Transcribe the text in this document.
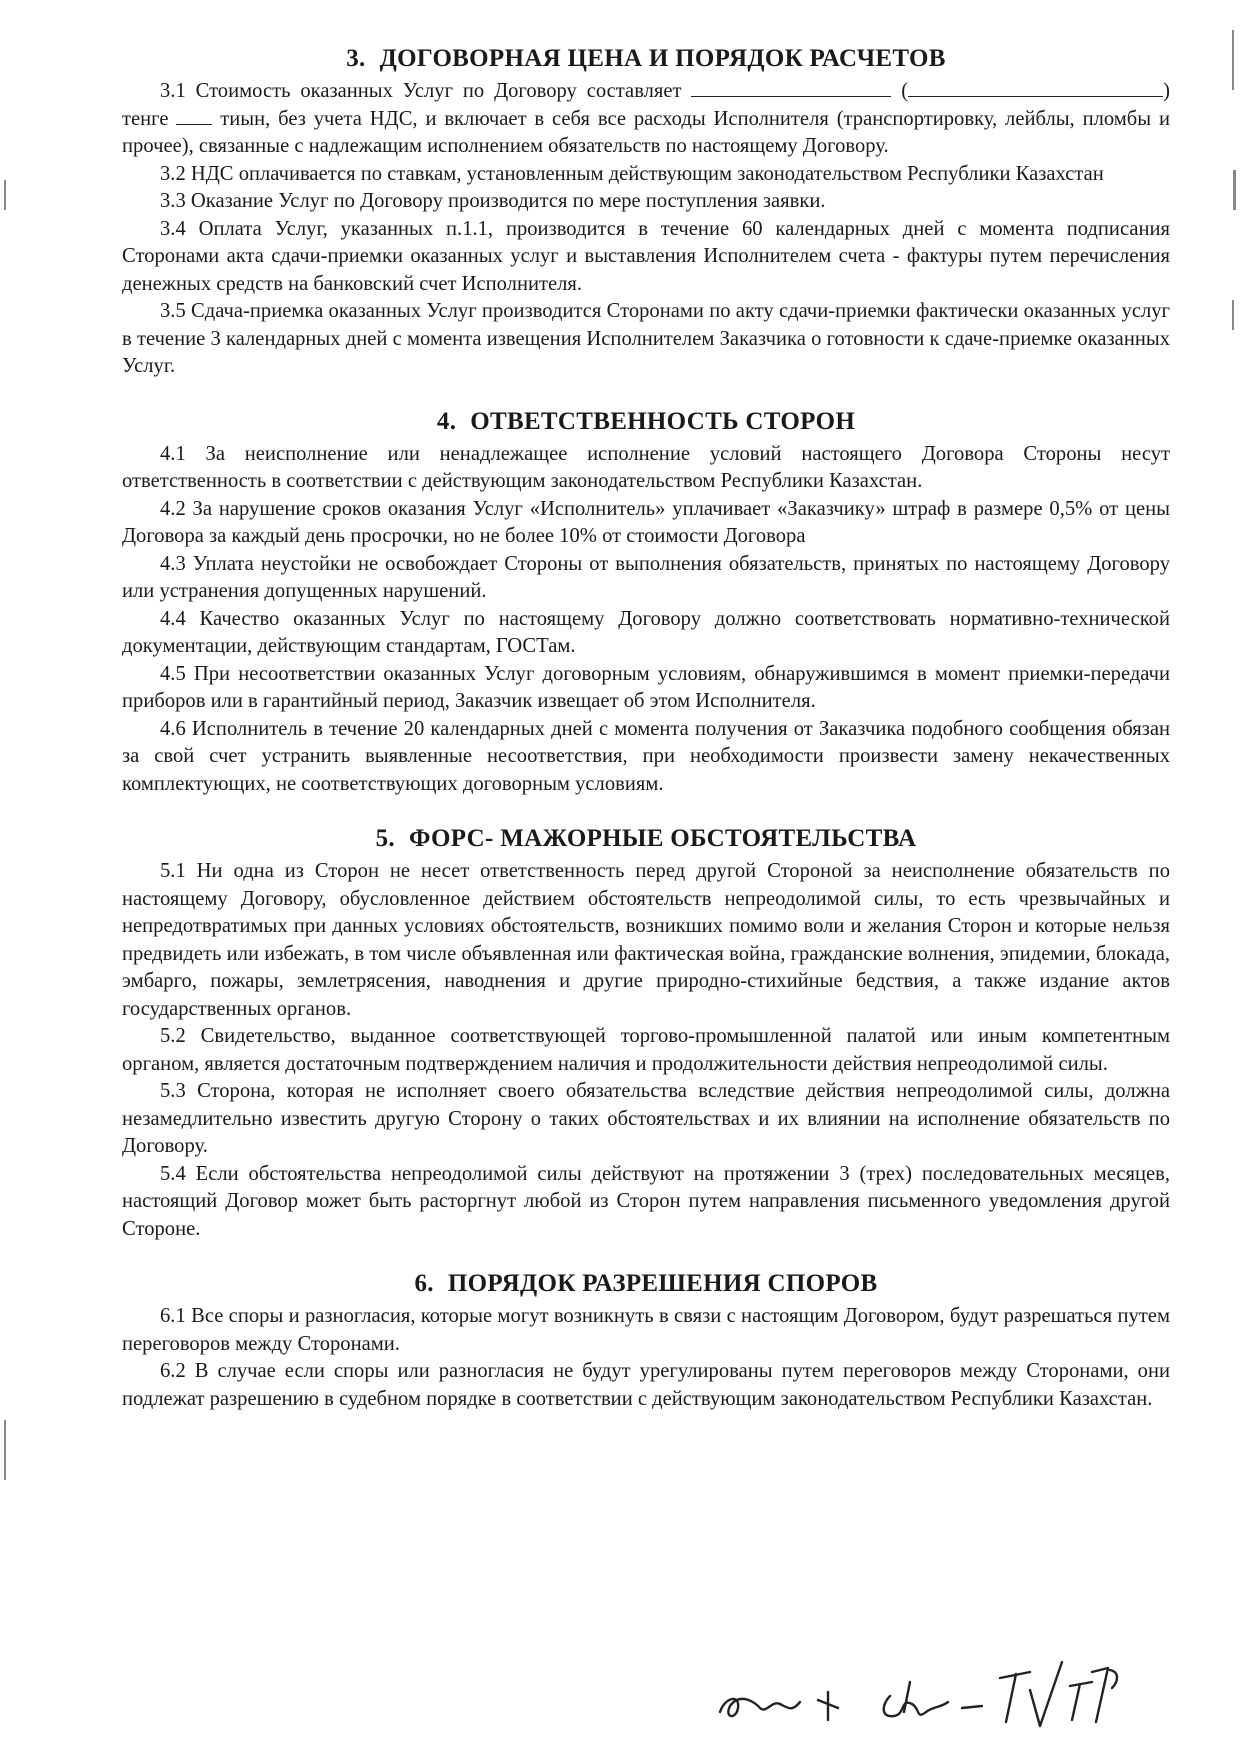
3. ДОГОВОРНАЯ ЦЕНА И ПОРЯДОК РАСЧЕТОВ

3.1 Стоимость оказанных Услуг по Договору составляет	(	) тенге	тиын, без учета НДС, и включает в себя все расходы Исполнителя (транспортировку, лейблы, пломбы и прочее), связанные с надлежащим исполнением обязательств по настоящему Договору.

3.2 НДС оплачивается по ставкам, установленным действующим законодательством Республики Казахстан

3.3 Оказание Услуг по Договору производится по мере поступления заявки.

3.4 Оплата Услуг, указанных п.1.1, производится в течение 60 календарных дней с момента подписания Сторонами акта сдачи-приемки оказанных услуг и выставления Исполнителем счета - фактуры путем перечисления денежных средств на банковский счет Исполнителя.

3.5 Сдача-приемка оказанных Услуг производится Сторонами по акту сдачи-приемки фактически оказанных услуг в течение 3 календарных дней с момента извещения Исполнителем Заказчика о готовности к сдаче-приемке оказанных Услуг.

4. ОТВЕТСТВЕННОСТЬ СТОРОН

4.1 За неисполнение или ненадлежащее исполнение условий настоящего Договора Стороны несут ответственность в соответствии с действующим законодательством Республики Казахстан.

4.2 За нарушение сроков оказания Услуг «Исполнитель» уплачивает «Заказчику» штраф в размере 0,5% от цены Договора за каждый день просрочки, но не более 10% от стоимости Договора

4.3 Уплата неустойки не освобождает Стороны от выполнения обязательств, принятых по настоящему Договору или устранения допущенных нарушений.

4.4 Качество оказанных Услуг по настоящему Договору должно соответствовать нормативно-технической документации, действующим стандартам, ГОСТам.

4.5 При несоответствии оказанных Услуг договорным условиям, обнаружившимся в момент приемки-передачи приборов или в гарантийный период, Заказчик извещает об этом Исполнителя.

4.6 Исполнитель в течение 20 календарных дней с момента получения от Заказчика подобного сообщения обязан за свой счет устранить выявленные несоответствия, при необходимости произвести замену некачественных комплектующих, не соответствующих договорным условиям.

5. ФОРС- МАЖОРНЫЕ ОБСТОЯТЕЛЬСТВА

5.1 Ни одна из Сторон не несет ответственность перед другой Стороной за неисполнение обязательств по настоящему Договору, обусловленное действием обстоятельств непреодолимой силы, то есть чрезвычайных и непредотвратимых при данных условиях обстоятельств, возникших помимо воли и желания Сторон и которые нельзя предвидеть или избежать, в том числе объявленная или фактическая война, гражданские волнения, эпидемии, блокада, эмбарго, пожары, землетрясения, наводнения и другие природно-стихийные бедствия, а также издание актов государственных органов.

5.2 Свидетельство, выданное соответствующей торгово-промышленной палатой или иным компетентным органом, является достаточным подтверждением наличия и продолжительности действия непреодолимой силы.

5.3 Сторона, которая не исполняет своего обязательства вследствие действия непреодолимой силы, должна незамедлительно известить другую Сторону о таких обстоятельствах и их влиянии на исполнение обязательств по Договору.

5.4 Если обстоятельства непреодолимой силы действуют на протяжении 3 (трех) последовательных месяцев, настоящий Договор может быть расторгнут любой из Сторон путем направления письменного уведомления другой Стороне.

6. ПОРЯДОК РАЗРЕШЕНИЯ СПОРОВ

6.1 Все споры и разногласия, которые могут возникнуть в связи с настоящим Договором, будут разрешаться путем переговоров между Сторонами.

6.2 В случае если споры или разногласия не будут урегулированы путем переговоров между Сторонами, они подлежат разрешению в судебном порядке в соответствии с действующим законодательством Республики Казахстан.
